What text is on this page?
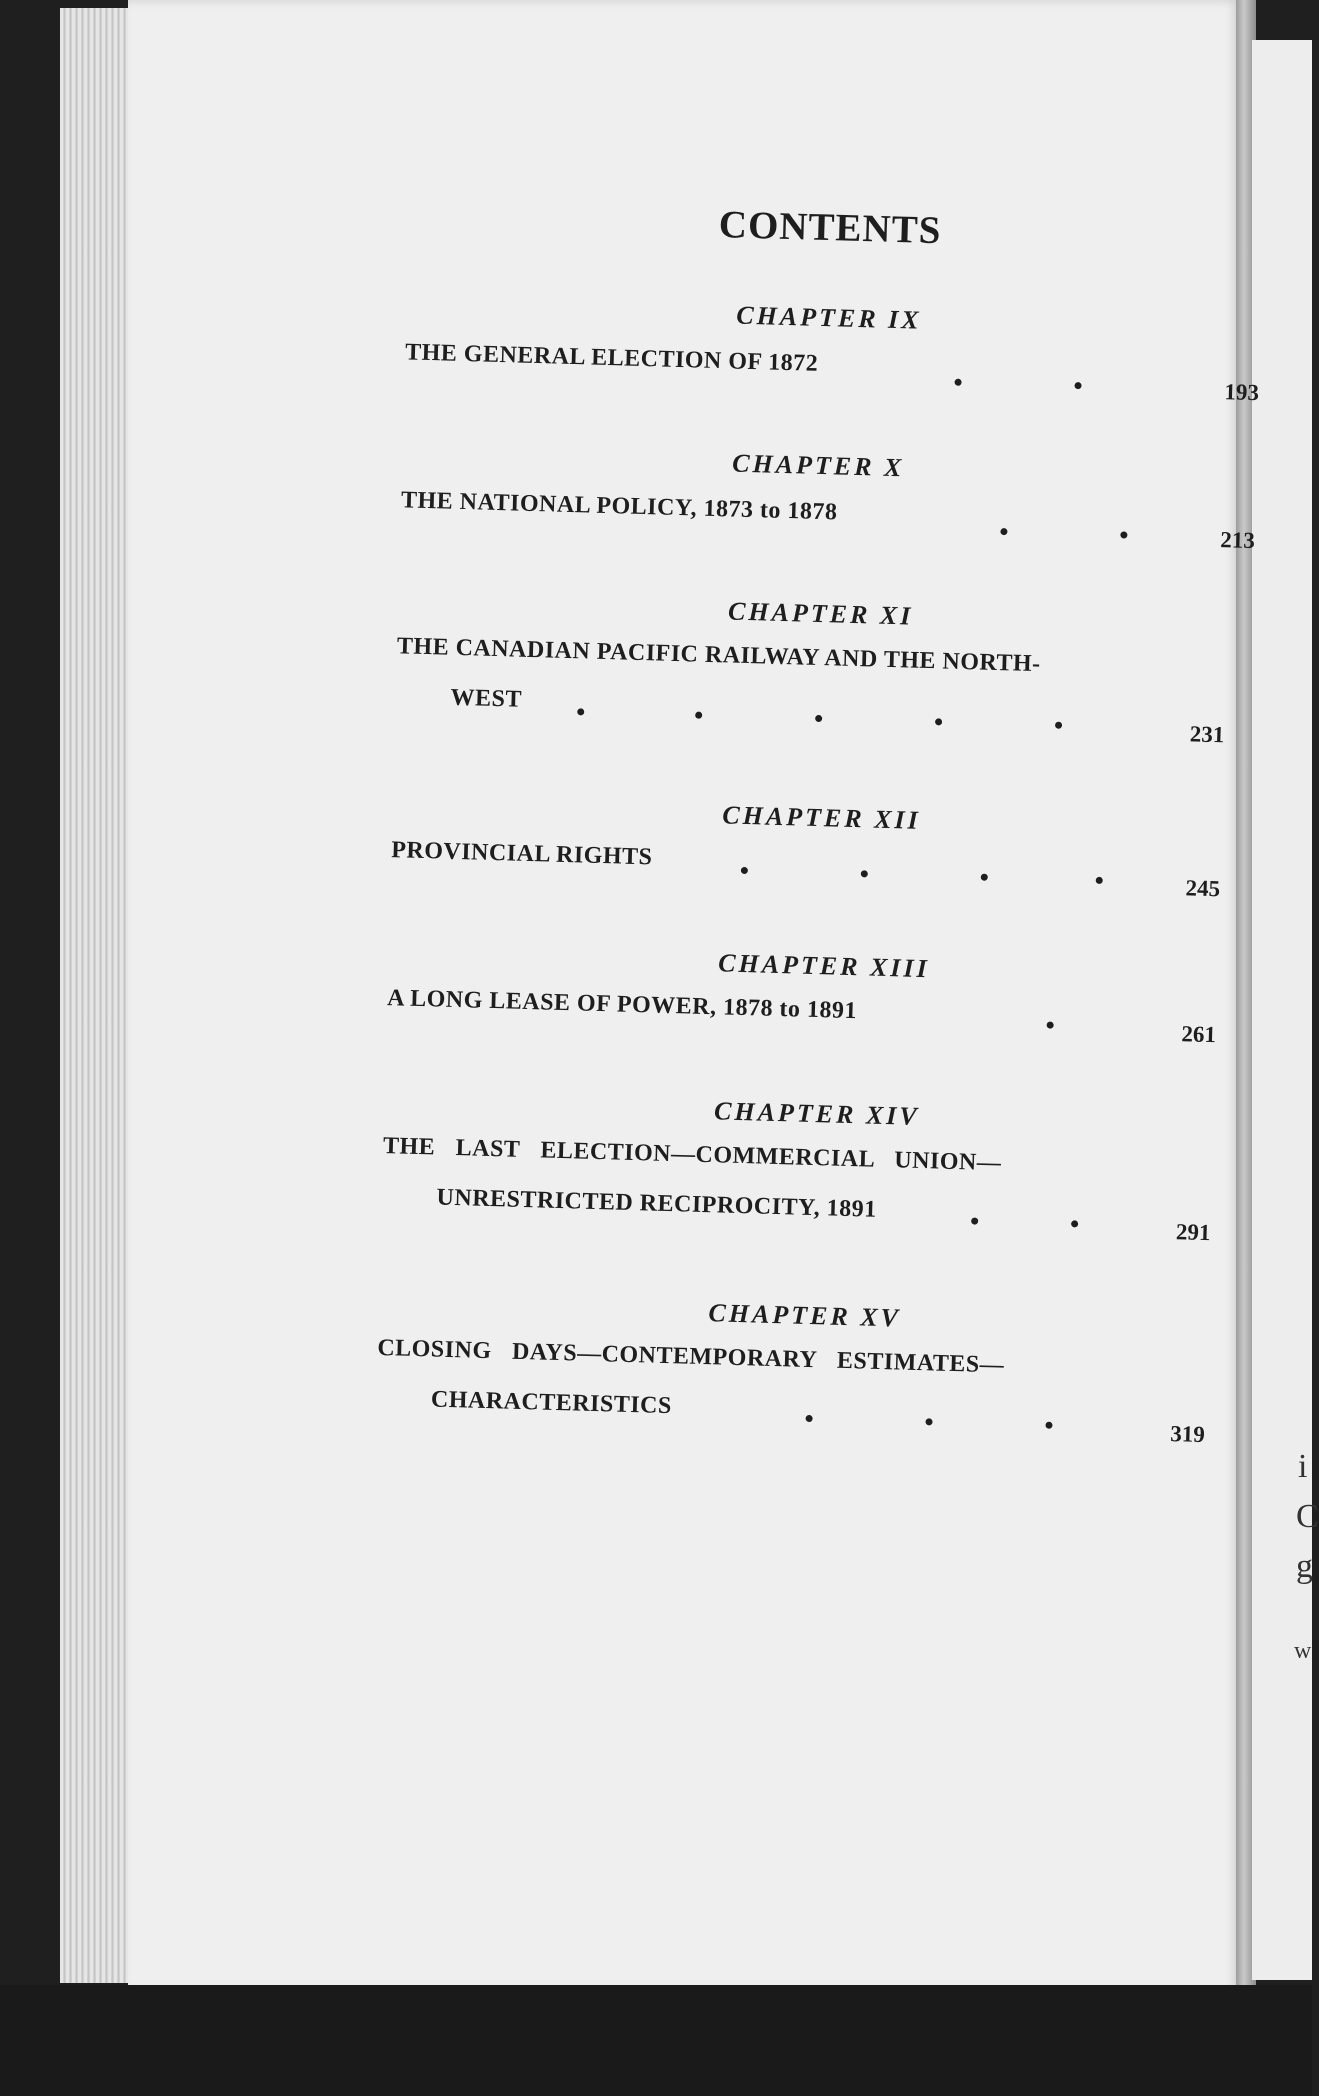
i
C
g
w
CONTENTS
CHAPTER IX
THE GENERAL ELECTION OF 1872
193
CHAPTER X
THE NATIONAL POLICY, 1873 to 1878
213
CHAPTER XI
THE CANADIAN PACIFIC RAILWAY AND THE NORTH-
WEST
231
CHAPTER XII
PROVINCIAL RIGHTS
245
CHAPTER XIII
A LONG LEASE OF POWER, 1878 to 1891
261
CHAPTER XIV
THE LAST ELECTION—COMMERCIAL UNION—
UNRESTRICTED RECIPROCITY, 1891
291
CHAPTER XV
CLOSING DAYS—CONTEMPORARY ESTIMATES—
CHARACTERISTICS
319
